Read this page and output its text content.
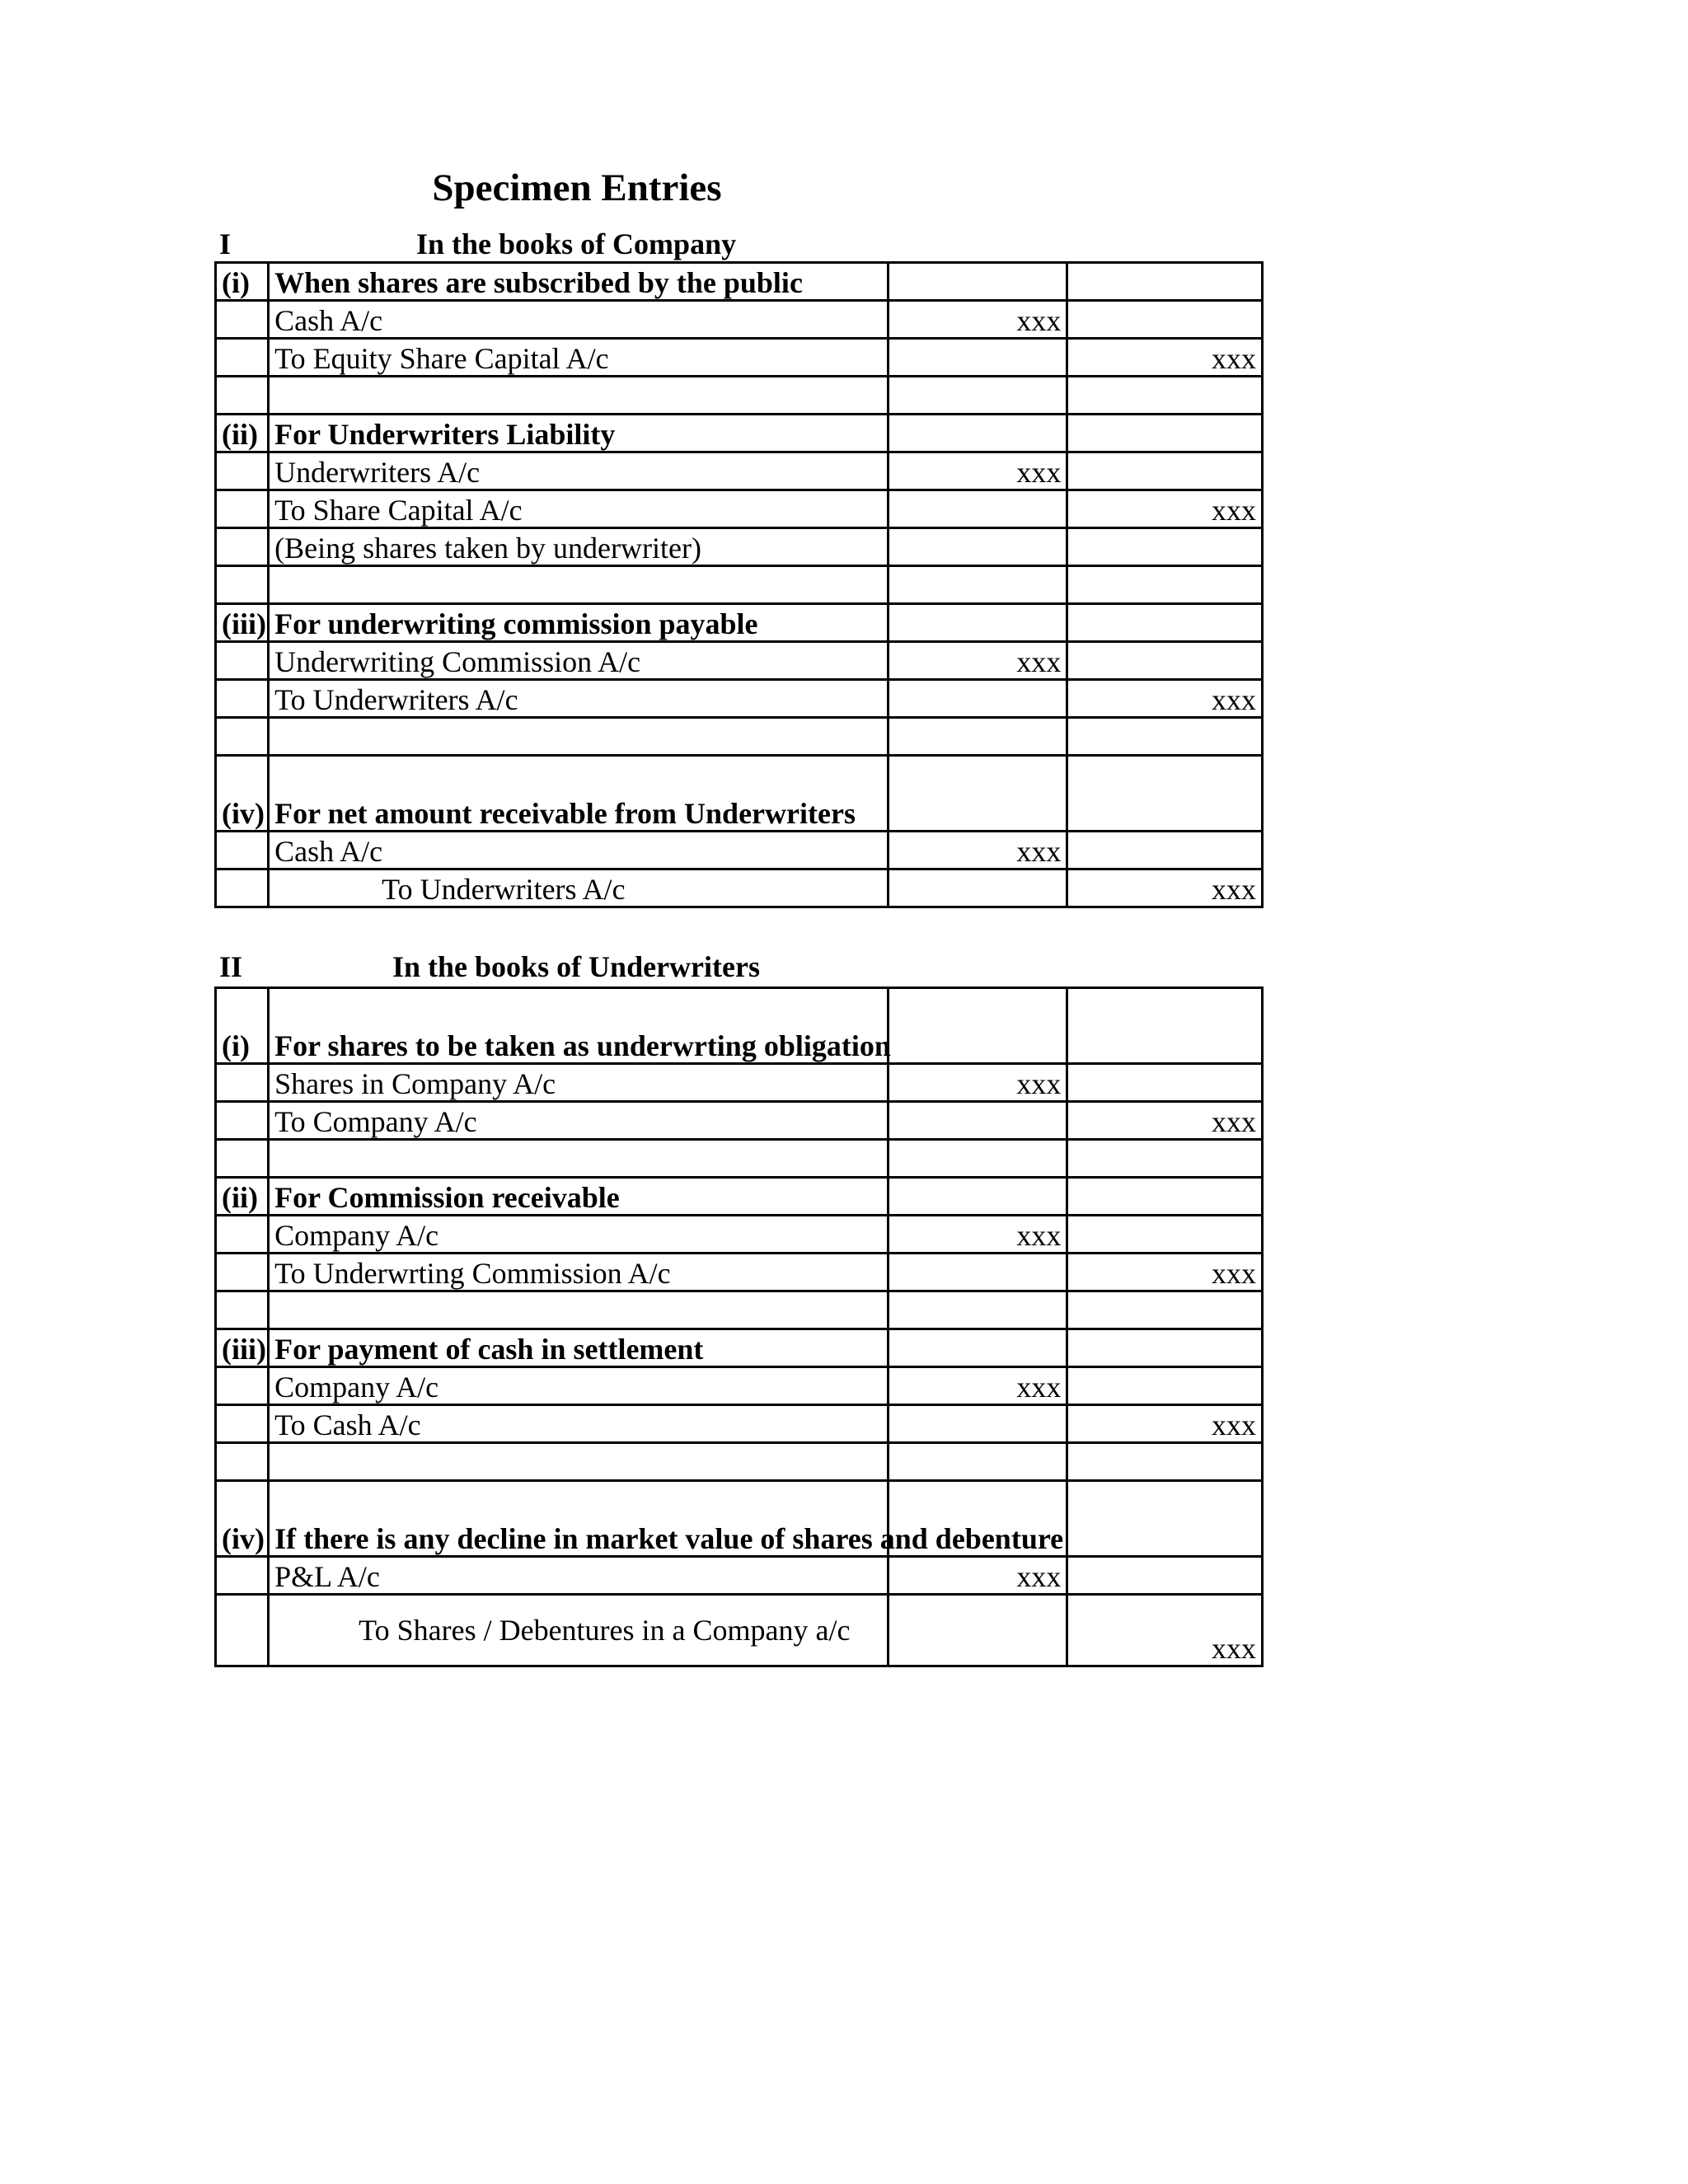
Specimen Entries
I	In the books of Company
(i)	When shares are subscribed by the public		
	Cash A/c	xxx	
	To Equity Share Capital A/c		xxx

(ii)	For Underwriters Liability		
	Underwriters A/c	xxx	
	To Share Capital A/c		xxx
	(Being shares taken by underwriter)		

(iii)	For underwriting commission payable		
	Underwriting Commission A/c	xxx	
	To Underwriters A/c		xxx

(iv)	For net amount receivable from Underwriters		
	Cash A/c	xxx	
	To Underwriters A/c		xxx
II	In the books of Underwriters
(i)	For shares to be taken as underwrting obligation		
	Shares in Company A/c	xxx	
	To Company A/c		xxx

(ii)	For Commission receivable		
	Company A/c	xxx	
	To Underwrting Commission A/c		xxx

(iii)	For payment of cash in settlement		
	Company A/c	xxx	
	To Cash A/c		xxx

(iv)	If there is any decline in market value of shares and debenture		
	P&L A/c	xxx	
	To Shares / Debentures in a Company a/c		xxx
